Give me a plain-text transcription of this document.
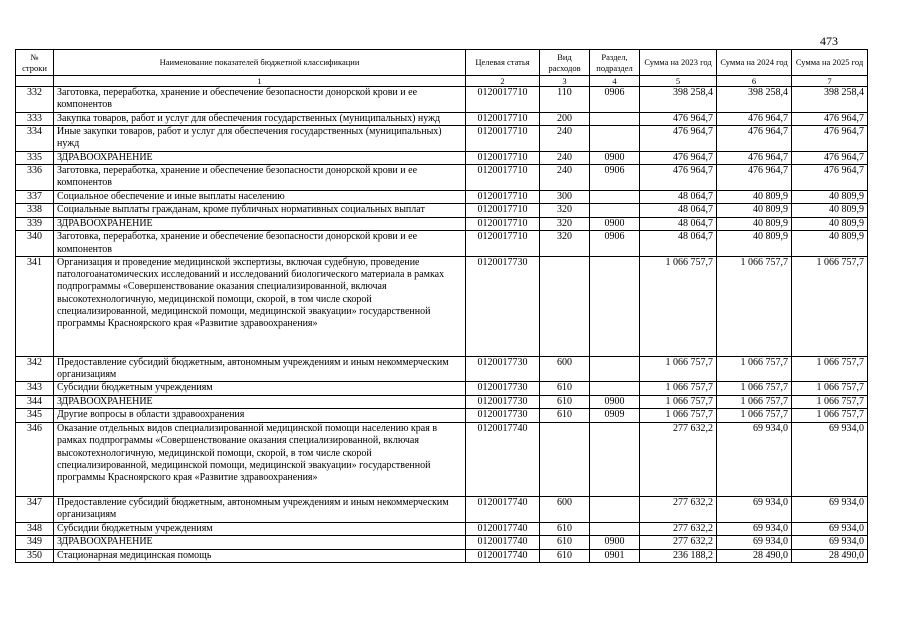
473
№
строки	Наименование показателей бюджетной классификации	Целевая статья	Вид расходов	Раздел, подраздел	Сумма на 2023 год	Сумма на 2024 год	Сумма на 2025 год
	1	2	3	4	5	6	7
332	Заготовка, переработка, хранение и обеспечение безопасности донорской крови и ее компонентов	0120017710	110	0906	398 258,4	398 258,4	398 258,4
333	Закупка товаров, работ и услуг для обеспечения государственных (муниципальных) нужд	0120017710	200		476 964,7	476 964,7	476 964,7
334	Иные закупки товаров, работ и услуг для обеспечения государственных (муниципальных) нужд	0120017710	240		476 964,7	476 964,7	476 964,7
335	ЗДРАВООХРАНЕНИЕ	0120017710	240	0900	476 964,7	476 964,7	476 964,7
336	Заготовка, переработка, хранение и обеспечение безопасности донорской крови и ее компонентов	0120017710	240	0906	476 964,7	476 964,7	476 964,7
337	Социальное обеспечение и иные выплаты населению	0120017710	300		48 064,7	40 809,9	40 809,9
338	Социальные выплаты гражданам, кроме публичных нормативных социальных выплат	0120017710	320		48 064,7	40 809,9	40 809,9
339	ЗДРАВООХРАНЕНИЕ	0120017710	320	0900	48 064,7	40 809,9	40 809,9
340	Заготовка, переработка, хранение и обеспечение безопасности донорской крови и ее компонентов	0120017710	320	0906	48 064,7	40 809,9	40 809,9
341	Организация и проведение медицинской экспертизы, включая судебную, проведение патологоанатомических исследований и исследований биологического материала в рамках подпрограммы «Совершенствование оказания специализированной, включая высокотехнологичную, медицинской помощи, скорой, в том числе скорой специализированной, медицинской помощи, медицинской эвакуации» государственной программы Красноярского края «Развитие здравоохранения»	0120017730			1 066 757,7	1 066 757,7	1 066 757,7
342	Предоставление субсидий бюджетным, автономным учреждениям и иным некоммерческим организациям	0120017730	600		1 066 757,7	1 066 757,7	1 066 757,7
343	Субсидии бюджетным учреждениям	0120017730	610		1 066 757,7	1 066 757,7	1 066 757,7
344	ЗДРАВООХРАНЕНИЕ	0120017730	610	0900	1 066 757,7	1 066 757,7	1 066 757,7
345	Другие вопросы в области здравоохранения	0120017730	610	0909	1 066 757,7	1 066 757,7	1 066 757,7
346	Оказание отдельных видов специализированной медицинской помощи населению края в рамках подпрограммы «Совершенствование оказания специализированной, включая высокотехнологичную, медицинской помощи, скорой, в том числе скорой специализированной, медицинской помощи, медицинской эвакуации» государственной программы Красноярского края «Развитие здравоохранения»	0120017740			277 632,2	69 934,0	69 934,0
347	Предоставление субсидий бюджетным, автономным учреждениям и иным некоммерческим организациям	0120017740	600		277 632,2	69 934,0	69 934,0
348	Субсидии бюджетным учреждениям	0120017740	610		277 632,2	69 934,0	69 934,0
349	ЗДРАВООХРАНЕНИЕ	0120017740	610	0900	277 632,2	69 934,0	69 934,0
350	Стационарная медицинская помощь	0120017740	610	0901	236 188,2	28 490,0	28 490,0
